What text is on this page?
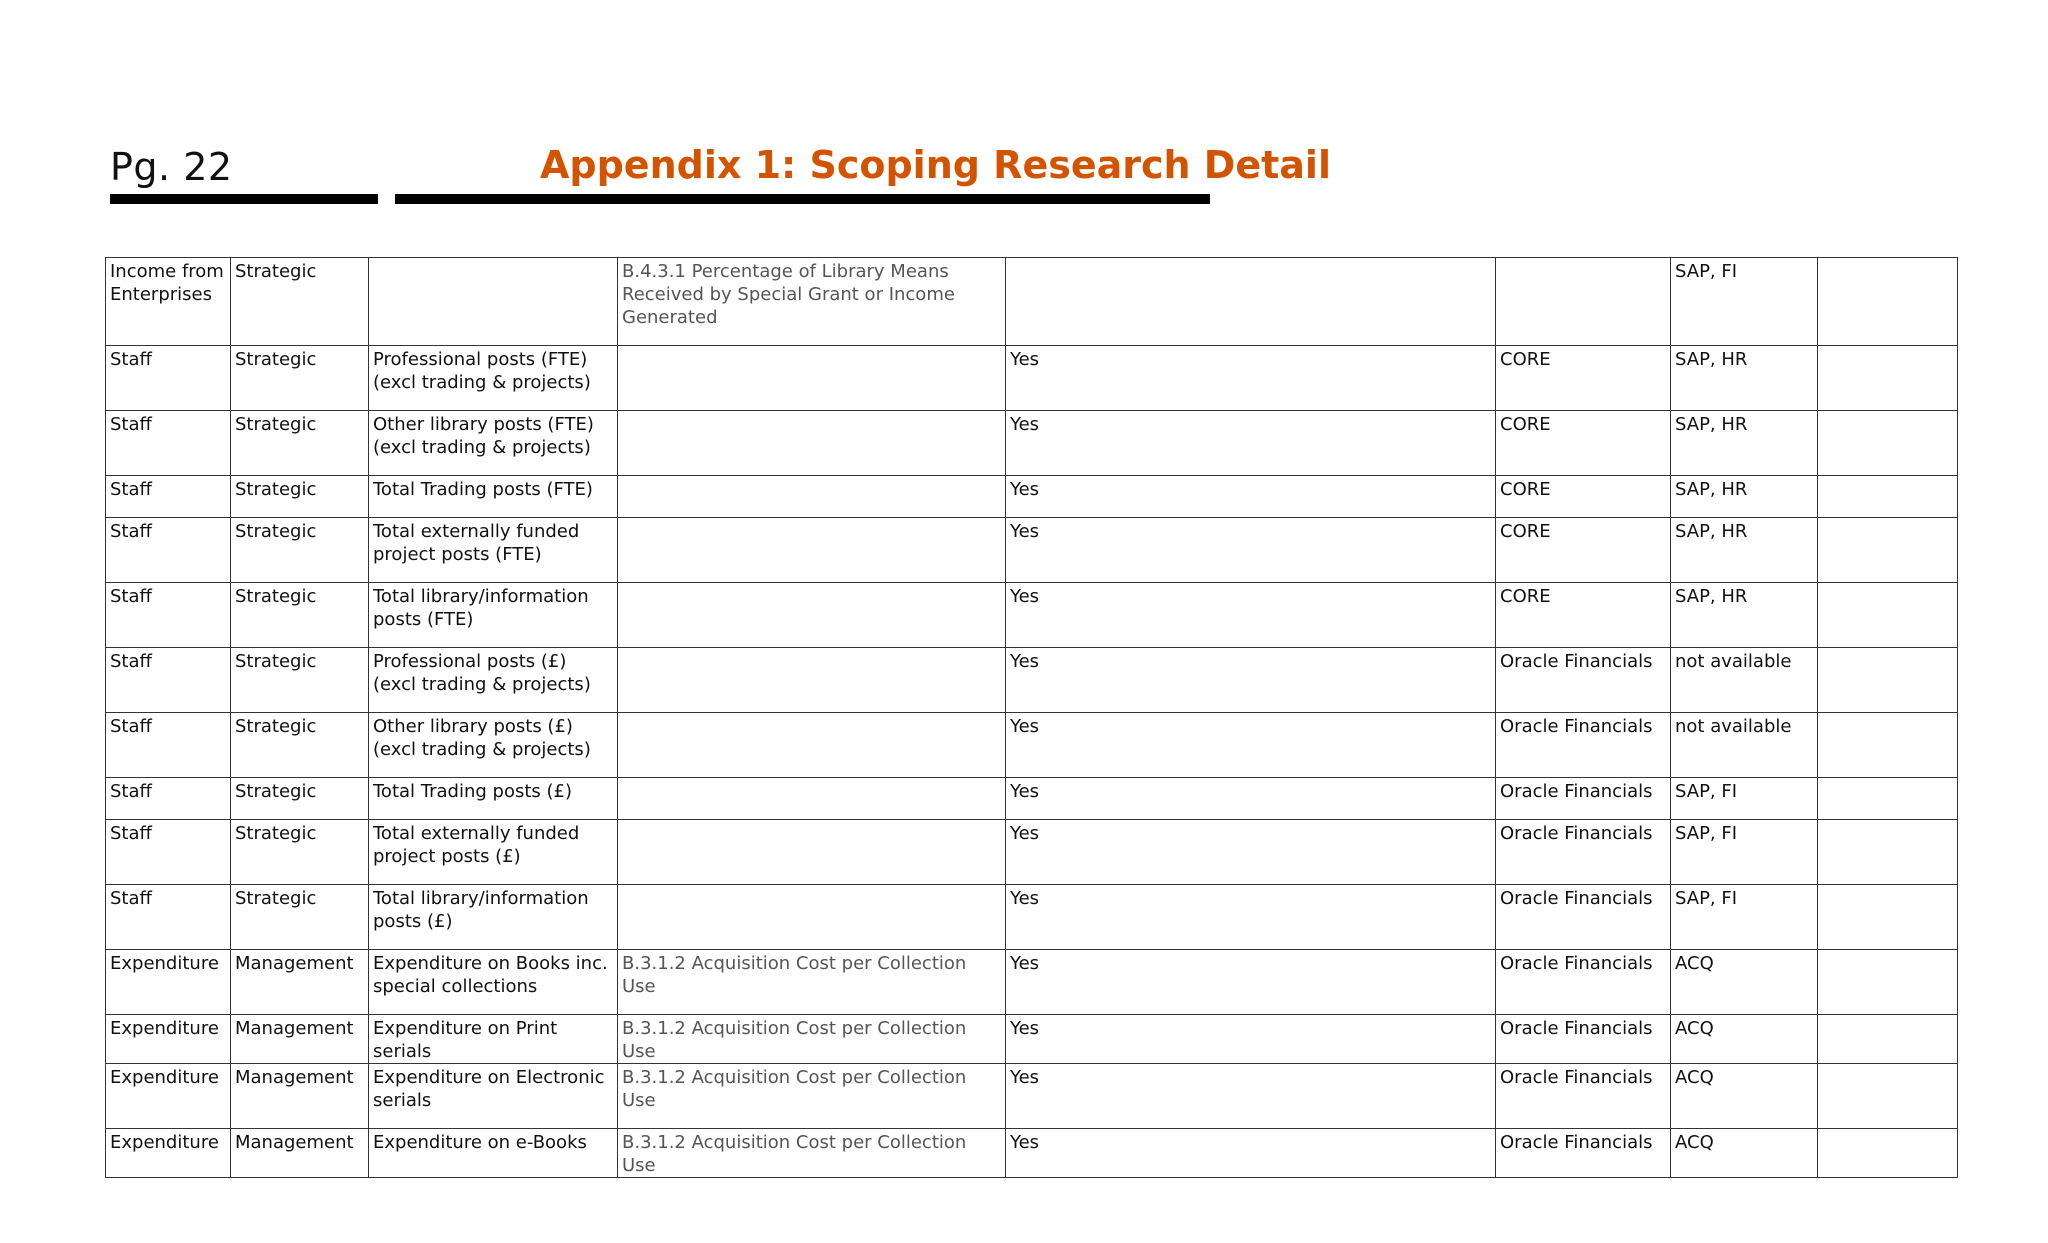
Pg. 22	Appendix 1: Scoping Research Detail
Income from Enterprises	Strategic		B.4.3.1 Percentage of Library Means Received by Special Grant or Income Generated			SAP, FI	
Staff	Strategic	Professional posts (FTE) (excl trading & projects)		Yes	CORE	SAP, HR	
Staff	Strategic	Other library posts (FTE) (excl trading & projects)		Yes	CORE	SAP, HR	
Staff	Strategic	Total Trading posts (FTE)		Yes	CORE	SAP, HR	
Staff	Strategic	Total externally funded project posts (FTE)		Yes	CORE	SAP, HR	
Staff	Strategic	Total library/information posts (FTE)		Yes	CORE	SAP, HR	
Staff	Strategic	Professional posts (£) (excl trading & projects)		Yes	Oracle Financials	not available	
Staff	Strategic	Other library posts (£) (excl trading & projects)		Yes	Oracle Financials	not available	
Staff	Strategic	Total Trading posts (£)		Yes	Oracle Financials	SAP, FI	
Staff	Strategic	Total externally funded project posts (£)		Yes	Oracle Financials	SAP, FI	
Staff	Strategic	Total library/information posts (£)		Yes	Oracle Financials	SAP, FI	
Expenditure	Management	Expenditure on Books inc. special collections	B.3.1.2 Acquisition Cost per Collection Use	Yes	Oracle Financials	ACQ	
Expenditure	Management	Expenditure on Print serials	B.3.1.2 Acquisition Cost per Collection Use	Yes	Oracle Financials	ACQ	
Expenditure	Management	Expenditure on Electronic serials	B.3.1.2 Acquisition Cost per Collection Use	Yes	Oracle Financials	ACQ	
Expenditure	Management	Expenditure on e-Books	B.3.1.2 Acquisition Cost per Collection Use	Yes	Oracle Financials	ACQ	
